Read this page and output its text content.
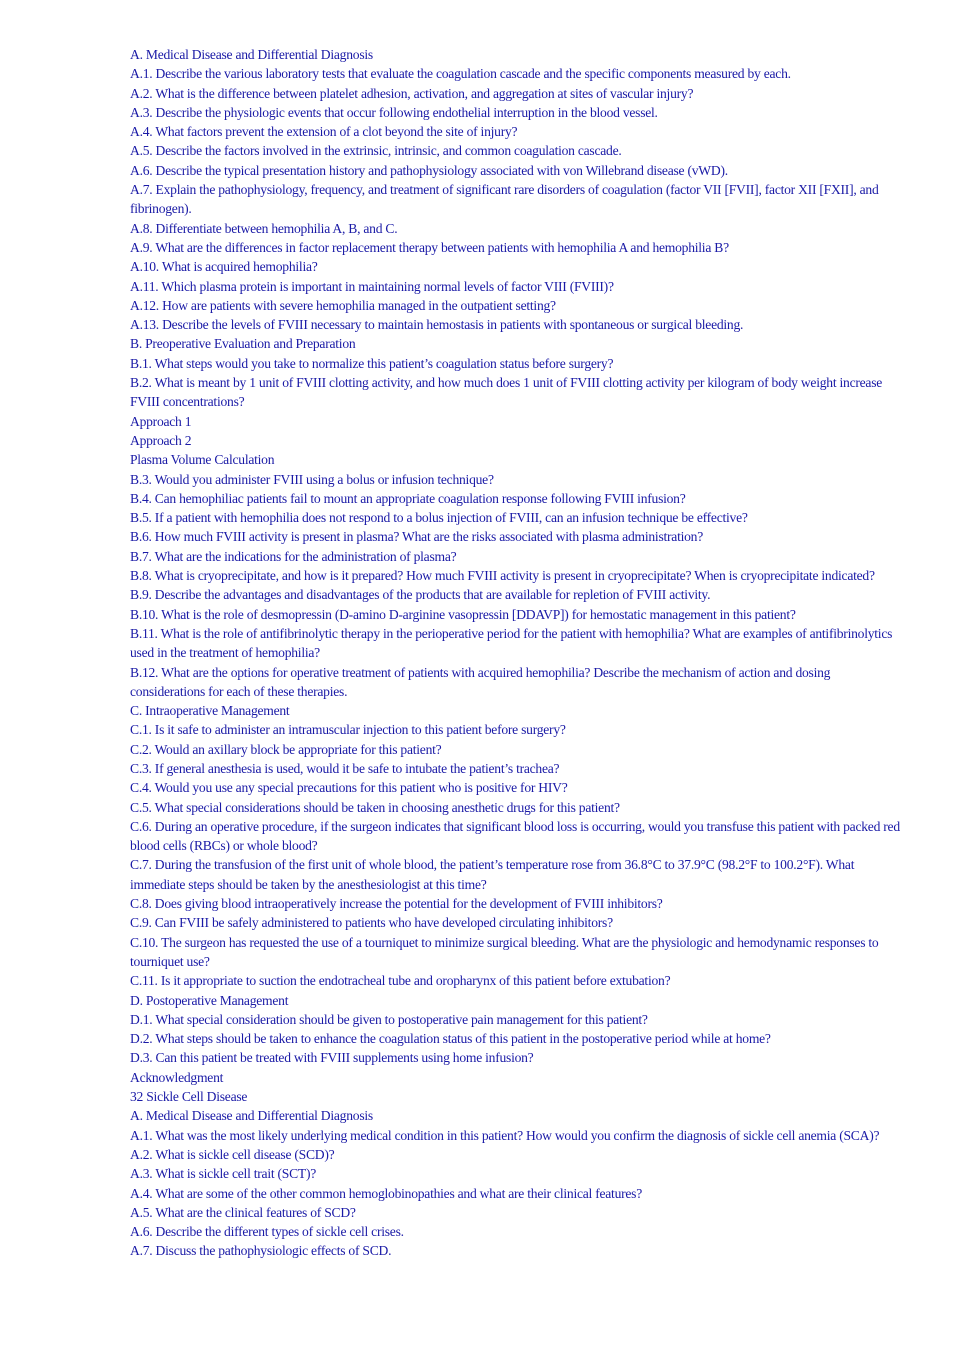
A. Medical Disease and Differential Diagnosis
A.1. Describe the various laboratory tests that evaluate the coagulation cascade and the specific components measured by each.
A.2. What is the difference between platelet adhesion, activation, and aggregation at sites of vascular injury?
A.3. Describe the physiologic events that occur following endothelial interruption in the blood vessel.
A.4. What factors prevent the extension of a clot beyond the site of injury?
A.5. Describe the factors involved in the extrinsic, intrinsic, and common coagulation cascade.
A.6. Describe the typical presentation history and pathophysiology associated with von Willebrand disease (vWD).
A.7. Explain the pathophysiology, frequency, and treatment of significant rare disorders of coagulation (factor VII [FVII], factor XII [FXII], and fibrinogen).
A.8. Differentiate between hemophilia A, B, and C.
A.9. What are the differences in factor replacement therapy between patients with hemophilia A and hemophilia B?
A.10. What is acquired hemophilia?
A.11. Which plasma protein is important in maintaining normal levels of factor VIII (FVIII)?
A.12. How are patients with severe hemophilia managed in the outpatient setting?
A.13. Describe the levels of FVIII necessary to maintain hemostasis in patients with spontaneous or surgical bleeding.
B. Preoperative Evaluation and Preparation
B.1. What steps would you take to normalize this patient’s coagulation status before surgery?
B.2. What is meant by 1 unit of FVIII clotting activity, and how much does 1 unit of FVIII clotting activity per kilogram of body weight increase FVIII concentrations?
Approach 1
Approach 2
Plasma Volume Calculation
B.3. Would you administer FVIII using a bolus or infusion technique?
B.4. Can hemophiliac patients fail to mount an appropriate coagulation response following FVIII infusion?
B.5. If a patient with hemophilia does not respond to a bolus injection of FVIII, can an infusion technique be effective?
B.6. How much FVIII activity is present in plasma? What are the risks associated with plasma administration?
B.7. What are the indications for the administration of plasma?
B.8. What is cryoprecipitate, and how is it prepared? How much FVIII activity is present in cryoprecipitate? When is cryoprecipitate indicated?
B.9. Describe the advantages and disadvantages of the products that are available for repletion of FVIII activity.
B.10. What is the role of desmopressin (D-amino D-arginine vasopressin [DDAVP]) for hemostatic management in this patient?
B.11. What is the role of antifibrinolytic therapy in the perioperative period for the patient with hemophilia? What are examples of antifibrinolytics used in the treatment of hemophilia?
B.12. What are the options for operative treatment of patients with acquired hemophilia? Describe the mechanism of action and dosing considerations for each of these therapies.
C. Intraoperative Management
C.1. Is it safe to administer an intramuscular injection to this patient before surgery?
C.2. Would an axillary block be appropriate for this patient?
C.3. If general anesthesia is used, would it be safe to intubate the patient’s trachea?
C.4. Would you use any special precautions for this patient who is positive for HIV?
C.5. What special considerations should be taken in choosing anesthetic drugs for this patient?
C.6. During an operative procedure, if the surgeon indicates that significant blood loss is occurring, would you transfuse this patient with packed red blood cells (RBCs) or whole blood?
C.7. During the transfusion of the first unit of whole blood, the patient’s temperature rose from 36.8°C to 37.9°C (98.2°F to 100.2°F). What immediate steps should be taken by the anesthesiologist at this time?
C.8. Does giving blood intraoperatively increase the potential for the development of FVIII inhibitors?
C.9. Can FVIII be safely administered to patients who have developed circulating inhibitors?
C.10. The surgeon has requested the use of a tourniquet to minimize surgical bleeding. What are the physiologic and hemodynamic responses to tourniquet use?
C.11. Is it appropriate to suction the endotracheal tube and oropharynx of this patient before extubation?
D. Postoperative Management
D.1. What special consideration should be given to postoperative pain management for this patient?
D.2. What steps should be taken to enhance the coagulation status of this patient in the postoperative period while at home?
D.3. Can this patient be treated with FVIII supplements using home infusion?
Acknowledgment
32 Sickle Cell Disease
A. Medical Disease and Differential Diagnosis
A.1. What was the most likely underlying medical condition in this patient? How would you confirm the diagnosis of sickle cell anemia (SCA)?
A.2. What is sickle cell disease (SCD)?
A.3. What is sickle cell trait (SCT)?
A.4. What are some of the other common hemoglobinopathies and what are their clinical features?
A.5. What are the clinical features of SCD?
A.6. Describe the different types of sickle cell crises.
A.7. Discuss the pathophysiologic effects of SCD.
